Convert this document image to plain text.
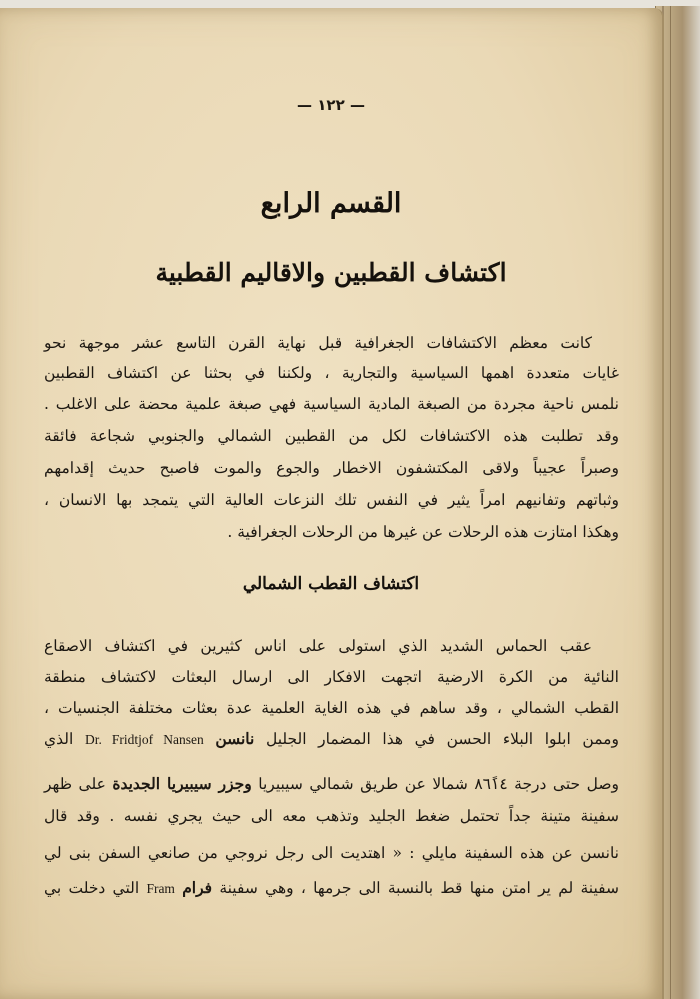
— ١٢٢ —
القسم الرابع
اكتشاف القطبين والاقاليم القطبية
كانت معظم الاكتشافات الجغرافية قبل نهاية القرن التاسع عشر موجهة نحو
غايات متعددة اهمها السياسية والتجارية ، ولكننا في بحثنا عن اكتشاف القطبين
نلمس ناحية مجردة من الصبغة المادية السياسية فهي صبغة علمية محضة على الاغلب .
وقد تطلبت هذه الاكتشافات لكل من القطبين الشمالي والجنوبي شجاعة فائقة
وصبراً عجيباً ولاقى المكتشفون الاخطار والجوع والموت فاصبح حديث إقدامهم
وثباتهم وتفانيهم امراً يثير في النفس تلك النزعات العالية التي يتمجد بها الانسان ،
وهكذا امتازت هذه الرحلات عن غيرها من الرحلات الجغرافية .
اكتشاف القطب الشمالي
عقب الحماس الشديد الذي استولى على اناس كثيرين في اكتشاف الاصقاع
النائية من الكرة الارضية اتجهت الافكار الى ارسال البعثات لاكتشاف منطقة
القطب الشمالي ، وقد ساهم في هذه الغاية العلمية عدة بعثات مختلفة الجنسيات ،
وممن ابلوا البلاء الحسن في هذا المضمار الجليل نانسن Dr. Fridtjof Nansen الذي
وصل حتى درجة ٨٦ً١٤ شمالا عن طريق شمالي سيبيريا وجزر سيبيريا الجديدة على ظهر
سفينة متينة جداً تحتمل ضغط الجليد وتذهب معه الى حيث يجري نفسه . وقد قال
نانسن عن هذه السفينة مايلي : « اهتديت الى رجل نروجي من صانعي السفن بنى لي
سفينة لم ير امتن منها قط بالنسبة الى جرمها ، وهي سفينة فرام Fram التي دخلت بي
